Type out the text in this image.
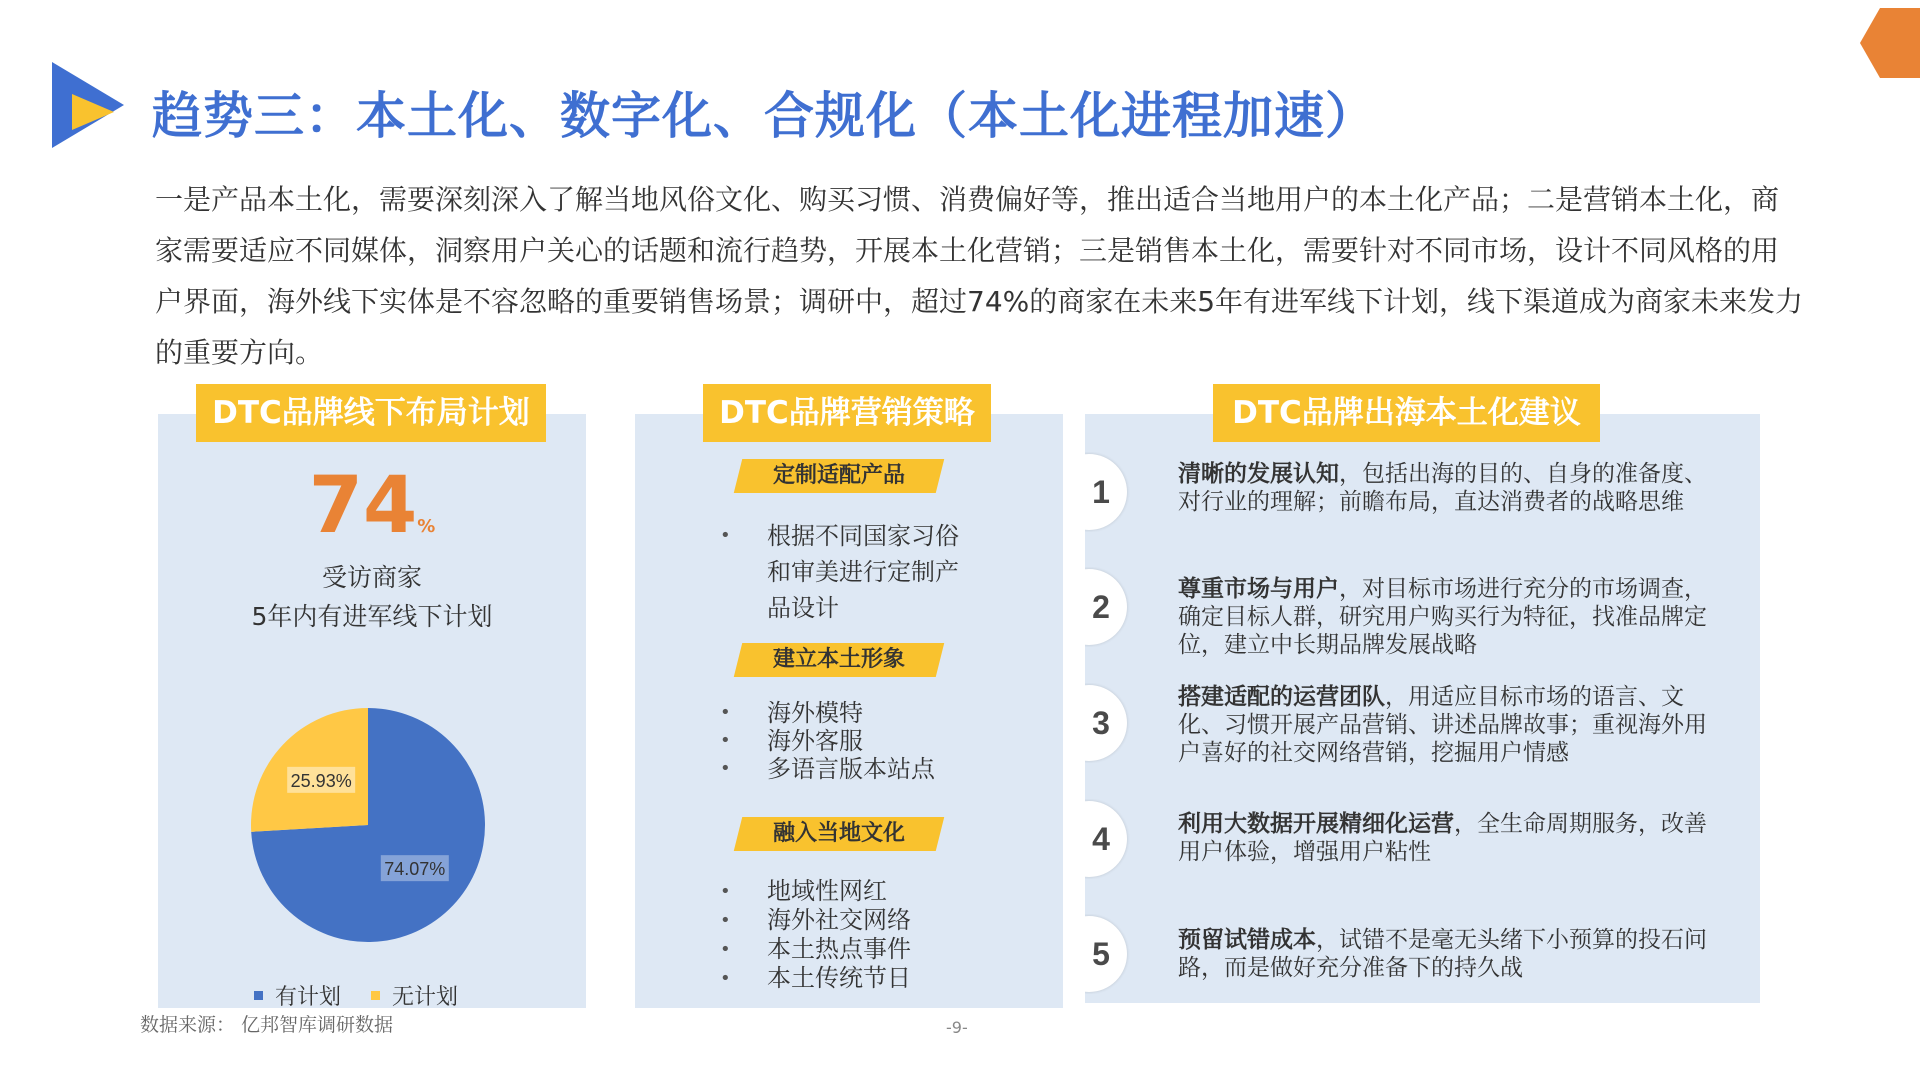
趋势三：本土化、数字化、合规化（本土化进程加速）
一是产品本土化，需要深刻深入了解当地风俗文化、购买习惯、消费偏好等，推出适合当地用户的本土化产品；二是营销本土化，商家需要适应不同媒体，洞察用户关心的话题和流行趋势，开展本土化营销；三是销售本土化，需要针对不同市场，设计不同风格的用户界面，海外线下实体是不容忽略的重要销售场景；调研中，超过74%的商家在未来5年有进军线下计划，线下渠道成为商家未来发力的重要方向。
DTC品牌线下布局计划	DTC品牌营销策略	DTC品牌出海本土化建议
74%
受访商家
5年内有进军线下计划
74.07%
25.93%
有计划 无计划
定制适配产品
• 根据不同国家习俗和审美进行定制产品设计
建立本土形象
• 海外模特
• 海外客服
• 多语言版本站点
融入当地文化
• 地域性网红
• 海外社交网络
• 本土热点事件
• 本土传统节日
1	清晰的发展认知，包括出海的目的、自身的准备度、对行业的理解；前瞻布局，直达消费者的战略思维
2	尊重市场与用户，对目标市场进行充分的市场调查，确定目标人群，研究用户购买行为特征，找准品牌定位，建立中长期品牌发展战略
3
搭建适配的运营团队，用适应目标市场的语言、文化、习惯开展产品营销、讲述品牌故事；重视海外用户喜好的社交网络营销，挖掘用户情感
4	利用大数据开展精细化运营，全生命周期服务，改善用户体验，增强用户粘性
5	预留试错成本，试错不是毫无头绪下小预算的投石问路，而是做好充分准备下的持久战
数据来源： 亿邦智库调研数据	-9-
